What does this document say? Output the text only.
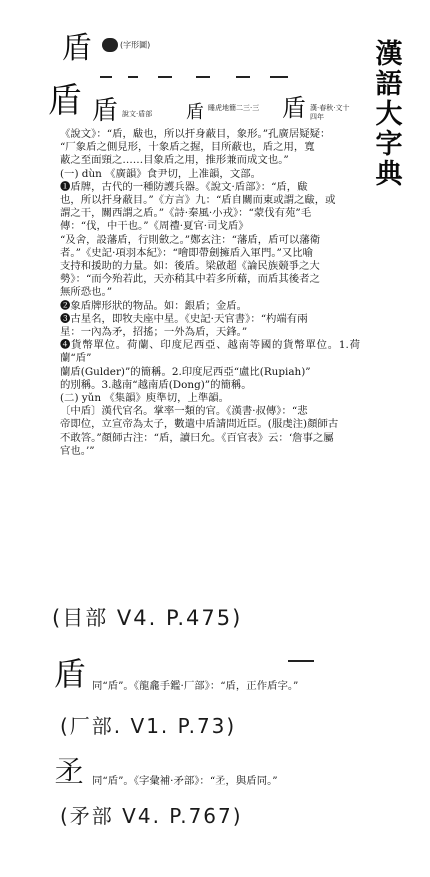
漢
語
大
字
典
盾	(字形圖)
盾 盾 說文·盾部 盾 睡虎地簡二三·三 盾 漢·春秋·文十四年

《說文》：“盾，瞂也，所以扞身蔽目，象形。”孔廣居疑疑：

“厂象盾之側見形，十象盾之握，目所蔽也，盾之用，寬

蔽之至面頸之……目象盾之用，推形兼而成文也。”

(一) dùn 《廣韻》食尹切，上准韻，文部。

❶盾牌，古代的一種防護兵器。《說文·盾部》：“盾，瞂

也，所以扞身蔽目。”《方言》九：“盾自關而東或謂之瞂，或

謂之干，關西謂之盾。”《詩·秦風·小戎》：“蒙伐有苑”毛

傳：“伐，中干也。”《周禮·夏官·司戈盾》

“及舍，設藩盾，行則斂之。”鄭玄注：“藩盾，盾可以藩衛

者。”《史記·項羽本紀》：“噲即帶劍擁盾入軍門。”又比喻

支持和援助的力量。如：後盾。梁啟超《論民族競爭之大

勢》：“而今殆若此，天亦稍其中若多所藉，而盾其後者之

無所恐也。”

❷象盾牌形狀的物品。如：銀盾；金盾。

❸古星名，即牧夫座中星。《史記·天官書》：“杓端有兩

星：一內為矛，招搖；一外為盾，天鋒。”

❹貨幣單位。荷蘭、印度尼西亞、越南等國的貨幣單位。1.荷蘭“盾”

蘭盾(Gulder)”的簡稱。2.印度尼西亞“盧比(Rupiah)”

的別稱。3.越南“越南盾(Dong)”的簡稱。

(二) yǔn 《集韻》庾準切，上準韻。

〔中盾〕漢代官名。掌率一類的官。《漢書·叔傳》：“悲

帝即位，立宣帝為太子，數遣中盾請問近臣。(服虔注)顏師古

不敢答。”顏師古注：“盾，讀曰允。《百官表》云：‘詹事之屬

官也。’”

(目部 V4. P.475)
盾 同“盾”。《龍龕手鑑·厂部》：“盾，正作盾字。”
(厂部. V1. P.73)
𥍝 同“盾”。《字彙補·矛部》：“𥍝，與盾同。”
(矛部 V4. P.767)
